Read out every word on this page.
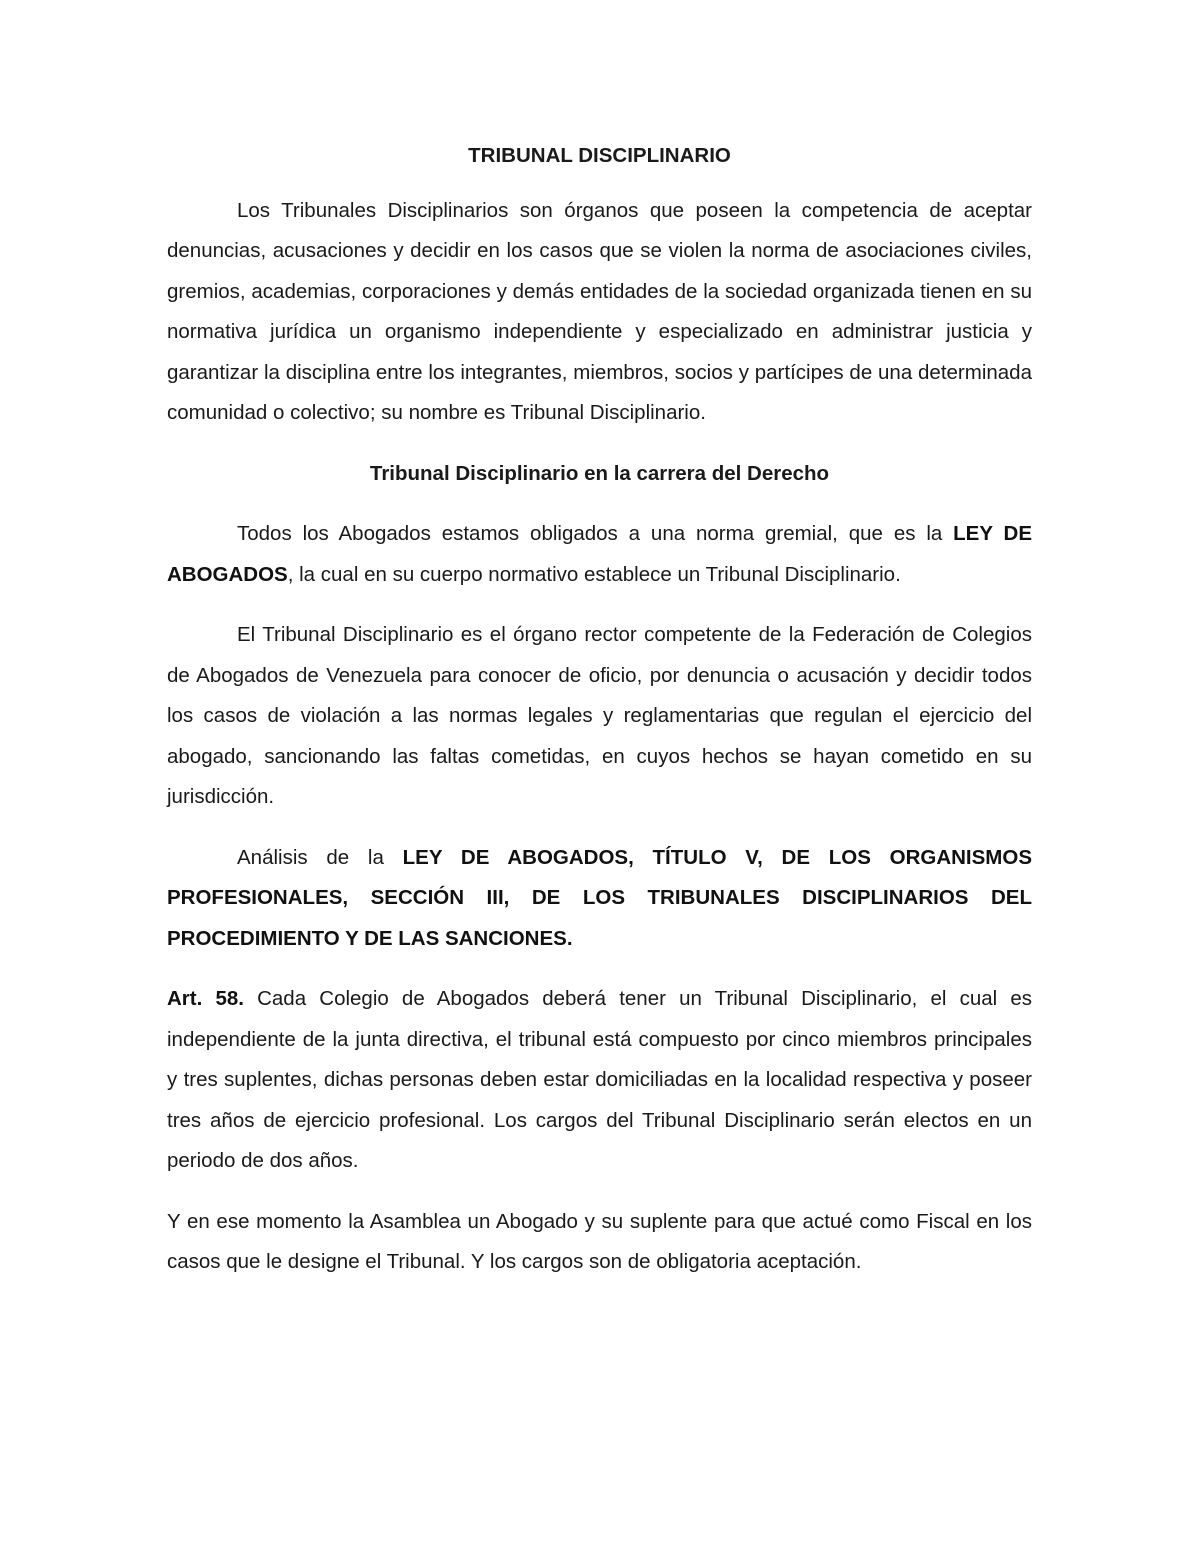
TRIBUNAL DISCIPLINARIO

Los Tribunales Disciplinarios son órganos que poseen la competencia de aceptar denuncias, acusaciones y decidir en los casos que se violen la norma de asociaciones civiles, gremios, academias, corporaciones y demás entidades de la sociedad organizada tienen en su normativa jurídica un organismo independiente y especializado en administrar justicia y garantizar la disciplina entre los integrantes, miembros, socios y partícipes de una determinada comunidad o colectivo; su nombre es Tribunal Disciplinario.

Tribunal Disciplinario en la carrera del Derecho

Todos los Abogados estamos obligados a una norma gremial, que es la LEY DE ABOGADOS, la cual en su cuerpo normativo establece un Tribunal Disciplinario.

El Tribunal Disciplinario es el órgano rector competente de la Federación de Colegios de Abogados de Venezuela para conocer de oficio, por denuncia o acusación y decidir todos los casos de violación a las normas legales y reglamentarias que regulan el ejercicio del abogado, sancionando las faltas cometidas, en cuyos hechos se hayan cometido en su jurisdicción.

Análisis de la LEY DE ABOGADOS, TÍTULO V, DE LOS ORGANISMOS PROFESIONALES, SECCIÓN III, DE LOS TRIBUNALES DISCIPLINARIOS DEL PROCEDIMIENTO Y DE LAS SANCIONES.

Art. 58. Cada Colegio de Abogados deberá tener un Tribunal Disciplinario, el cual es independiente de la junta directiva, el tribunal está compuesto por cinco miembros principales y tres suplentes, dichas personas deben estar domiciliadas en la localidad respectiva y poseer tres años de ejercicio profesional. Los cargos del Tribunal Disciplinario serán electos en un periodo de dos años.

Y en ese momento la Asamblea un Abogado y su suplente para que actué como Fiscal en los casos que le designe el Tribunal. Y los cargos son de obligatoria aceptación.
